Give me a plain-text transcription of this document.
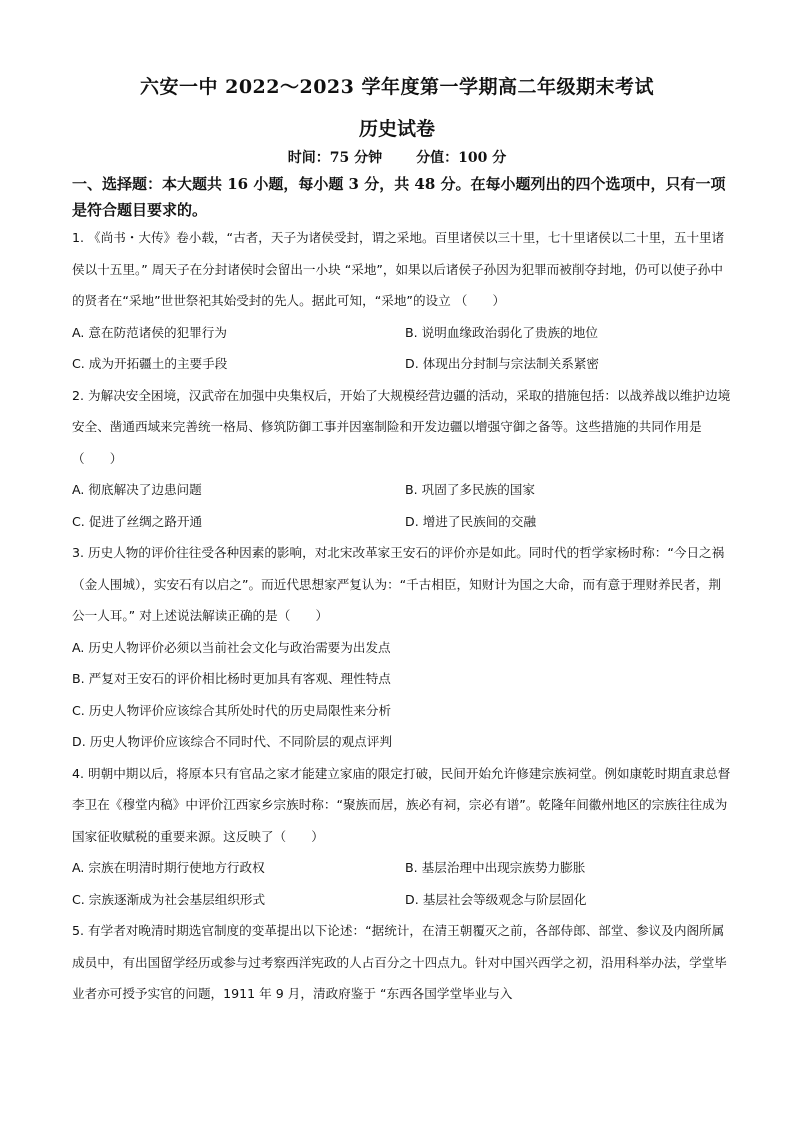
六安一中 2022～2023 学年度第一学期高二年级期末考试
历史试卷
时间：75 分钟 分值：100 分
一、选择题：本大题共 16 小题，每小题 3 分，共 48 分。在每小题列出的四个选项中，只有一项是符合题目要求的。

1. 《尚书・大传》卷小载，“古者，天子为诸侯受封，谓之采地。百里诸侯以三十里，七十里诸侯以二十里，五十里诸侯以十五里。” 周天子在分封诸侯时会留出一小块 “采地”，如果以后诸侯子孙因为犯罪而被削夺封地，仍可以使子孙中的贤者在“采地”世世祭祀其始受封的先人。据此可知，“采地”的设立 （　　）

A. 意在防范诸侯的犯罪行为	B. 说明血缘政治弱化了贵族的地位
C. 成为开拓疆土的主要手段	D. 体现出分封制与宗法制关系紧密

2. 为解决安全困境，汉武帝在加强中央集权后，开始了大规模经营边疆的活动，采取的措施包括：以战养战以维护边境安全、凿通西域来完善统一格局、修筑防御工事并因塞制险和开发边疆以增强守御之备等。这些措施的共同作用是（　　）

A. 彻底解决了边患问题	B. 巩固了多民族的国家
C. 促进了丝绸之路开通	D. 增进了民族间的交融

3. 历史人物的评价往往受各种因素的影响，对北宋改革家王安石的评价亦是如此。同时代的哲学家杨时称：“今日之祸（金人围城），实安石有以启之”。而近代思想家严复认为：“千古相臣，知财计为国之大命，而有意于理财养民者，荆公一人耳。” 对上述说法解读正确的是（　　）

A. 历史人物评价必须以当前社会文化与政治需要为出发点
B. 严复对王安石的评价相比杨时更加具有客观、理性特点
C. 历史人物评价应该综合其所处时代的历史局限性来分析
D. 历史人物评价应该综合不同时代、不同阶层的观点评判

4. 明朝中期以后，将原本只有官品之家才能建立家庙的限定打破，民间开始允许修建宗族祠堂。例如康乾时期直隶总督李卫在《穆堂内稿》中评价江西家乡宗族时称：“聚族而居，族必有祠，宗必有谱”。乾隆年间徽州地区的宗族往往成为国家征收赋税的重要来源。这反映了（　　）

A. 宗族在明清时期行使地方行政权	B. 基层治理中出现宗族势力膨胀
C. 宗族逐渐成为社会基层组织形式	D. 基层社会等级观念与阶层固化

5. 有学者对晚清时期选官制度的变革提出以下论述：“据统计，在清王朝覆灭之前，各部侍郎、部堂、参议及内阁所属成员中，有出国留学经历或参与过考察西洋宪政的人占百分之十四点九。针对中国兴西学之初，沿用科举办法，学堂毕业者亦可授予实官的问题，1911 年 9 月，清政府鉴于 “东西各国学堂毕业与入
